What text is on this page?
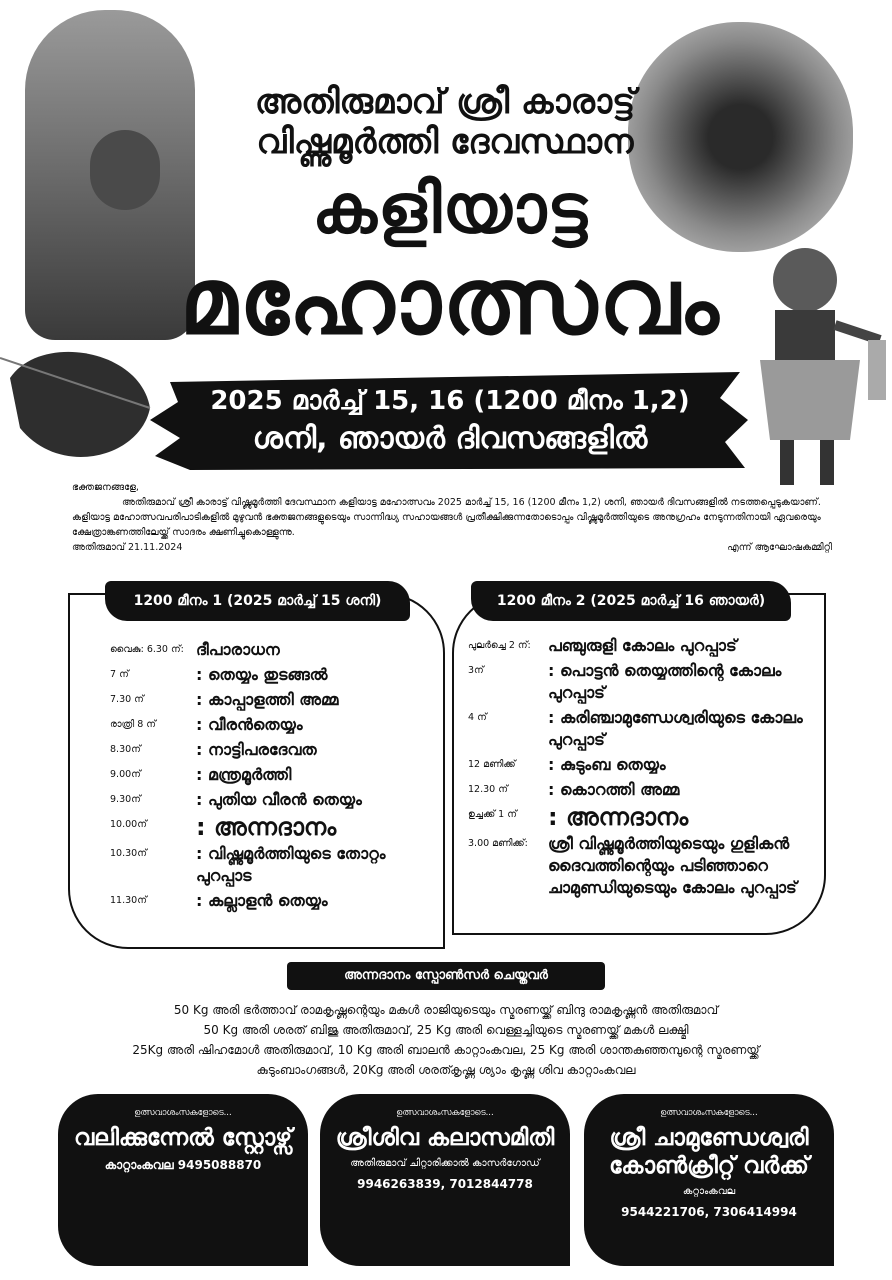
അതിരുമാവ് ശ്രീ കാരാട്ട്
വിഷ്ണുമൂർത്തി ദേവസ്ഥാന
കളിയാട്ട
മഹോത്സവം
2025 മാർച്ച് 15, 16 (1200 മീനം 1,2)
ശനി, ഞായർ ദിവസങ്ങളിൽ
ഭക്തജനങ്ങളേ,
അതിരുമാവ് ശ്രീ കാരാട്ട് വിഷ്ണുമൂർത്തി ദേവസ്ഥാന കളിയാട്ട മഹോത്സവം 2025 മാർച്ച് 15, 16 (1200 മീനം 1,2) ശനി, ഞായർ ദിവസങ്ങളിൽ നടത്തപ്പെടുകയാണ്. കളിയാട്ട മഹോത്സവപരിപാടികളിൽ മുഴുവൻ ഭക്തജനങ്ങളുടെയും സാന്നിദ്ധ്യ സഹായങ്ങൾ പ്രതീക്ഷിക്കുന്നതോടൊപ്പം വിഷ്ണുമൂർത്തിയുടെ അനുഗ്രഹം നേടുന്നതിനായി ഏവരെയും ക്ഷേത്രാങ്കണത്തിലേയ്ക്ക് സാദരം ക്ഷണിച്ചുകൊള്ളുന്നു.
അതിരുമാവ് 21.11.2024	എന്ന് ആഘോഷകമ്മിറ്റി
1200 മീനം 1 (2025 മാർച്ച് 15 ശനി)
വൈകു: 6.30 ന്: ദീപാരാധന
7 ന്	: തെയ്യം തുടങ്ങൽ
7.30 ന്	: കാപ്പാളത്തി അമ്മ
രാത്രി 8 ന്	: വീരൻതെയ്യം
8.30ന്	: നാട്ടിപരദേവത
9.00ന്	: മന്ത്രമൂർത്തി
9.30ന്	: പുതിയ വീരൻ തെയ്യം
10.00ന്	: അന്നദാനം
10.30ന്	: വിഷ്ണുമൂർത്തിയുടെ തോറ്റം പുറപ്പാട
11.30ന്	: കല്ലാളൻ തെയ്യം
1200 മീനം 2 (2025 മാർച്ച് 16 ഞായർ)
പുലർച്ചെ 2 ന്:	പഞ്ചുരുളി കോലം പുറപ്പാട്
3ന്	: പൊട്ടൻ തെയ്യത്തിന്റെ കോലം പുറപ്പാട്
4 ന്	: കരിഞ്ചാമുണ്ഡേശ്വരിയുടെ കോലം പുറപ്പാട്
12 മണിക്ക്	: കുടുംബ തെയ്യം
12.30 ന്	: കൊറത്തി അമ്മ
ഉച്ചക്ക് 1 ന്	: അന്നദാനം
3.00 മണിക്ക്:	ശ്രീ വിഷ്ണുമൂർത്തിയുടെയും ഗുളികൻ ദൈവത്തിന്റെയും പടിഞ്ഞാറെ ചാമുണ്ഡിയുടെയും കോലം പുറപ്പാട്
അന്നദാനം സ്പോൺസർ ചെയ്തവർ
50 Kg അരി ഭർത്താവ് രാമകൃഷ്ണന്റെയും മകൾ രാജിയുടെയും സ്മരണയ്ക്ക് ബിന്ദു രാമകൃഷ്ണൻ അതിരുമാവ്
50 Kg അരി ശരത് ബിജു അതിരുമാവ്, 25 Kg അരി വെള്ളച്ചിയുടെ സ്മരണയ്ക്ക് മകൾ ലക്ഷ്മി
25Kg അരി ഷിഹമോൾ അതിരുമാവ്, 10 Kg അരി ബാലൻ കാറ്റാംകവല, 25 Kg അരി ശാന്തകുഞ്ഞമ്പുന്റെ സ്മരണയ്ക്ക്
കുടുംബാംഗങ്ങൾ, 20Kg അരി ശരത്കൃഷ്ണ ശ്യാം കൃഷ്ണ ശിവ കാറ്റാംകവല
ഉത്സവാശംസകളോടെ...
വലിക്കുന്നേൽ സ്റ്റോഴ്സ്
കാറ്റാംകവല 9495088870
ഉത്സവാശംസകളോടെ...
ശ്രീശിവ കലാസമിതി
അതിരുമാവ് ചിറ്റാരിക്കാൽ കാസർഗോഡ്
9946263839, 7012844778
ഉത്സവാശംസകളോടെ...
ശ്രീ ചാമുണ്ഡേശ്വരി കോൺക്രീറ്റ് വർക്ക്
കറ്റാംകവല
9544221706, 7306414994
